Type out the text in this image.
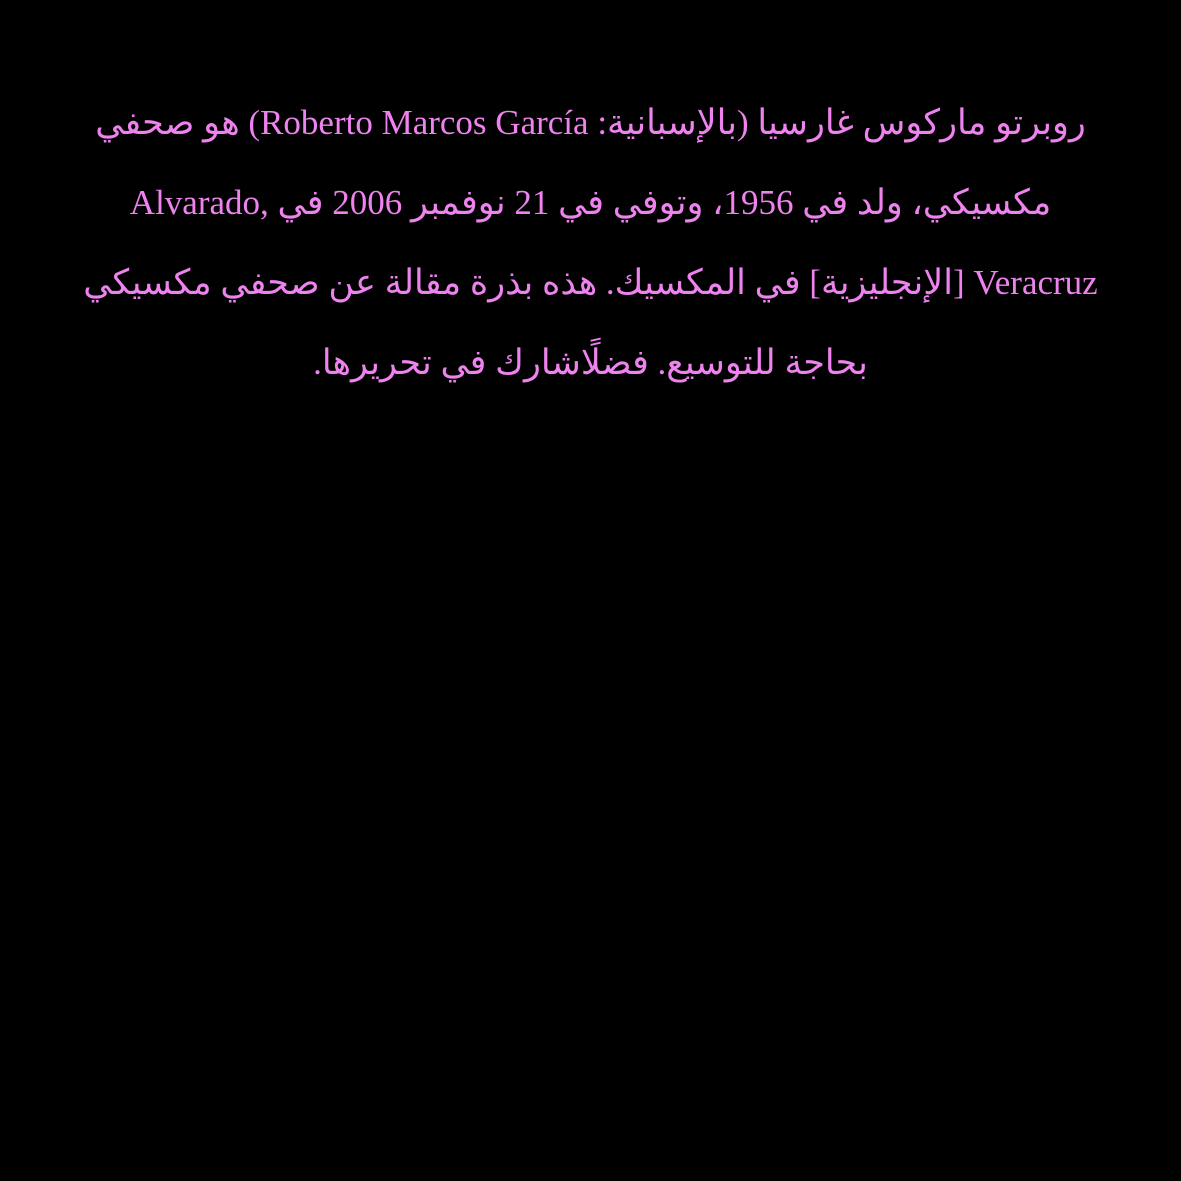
روبرتو ماركوس غارسيا (بالإسبانية: Roberto Marcos García) هو صحفي مكسيكي، ولد في 1956، وتوفي في 21 نوفمبر 2006 في Alvarado, Veracruz [الإنجليزية] في المكسيك. هذه بذرة مقالة عن صحفي مكسيكي بحاجة للتوسيع. فضلًاشارك في تحريرها.
